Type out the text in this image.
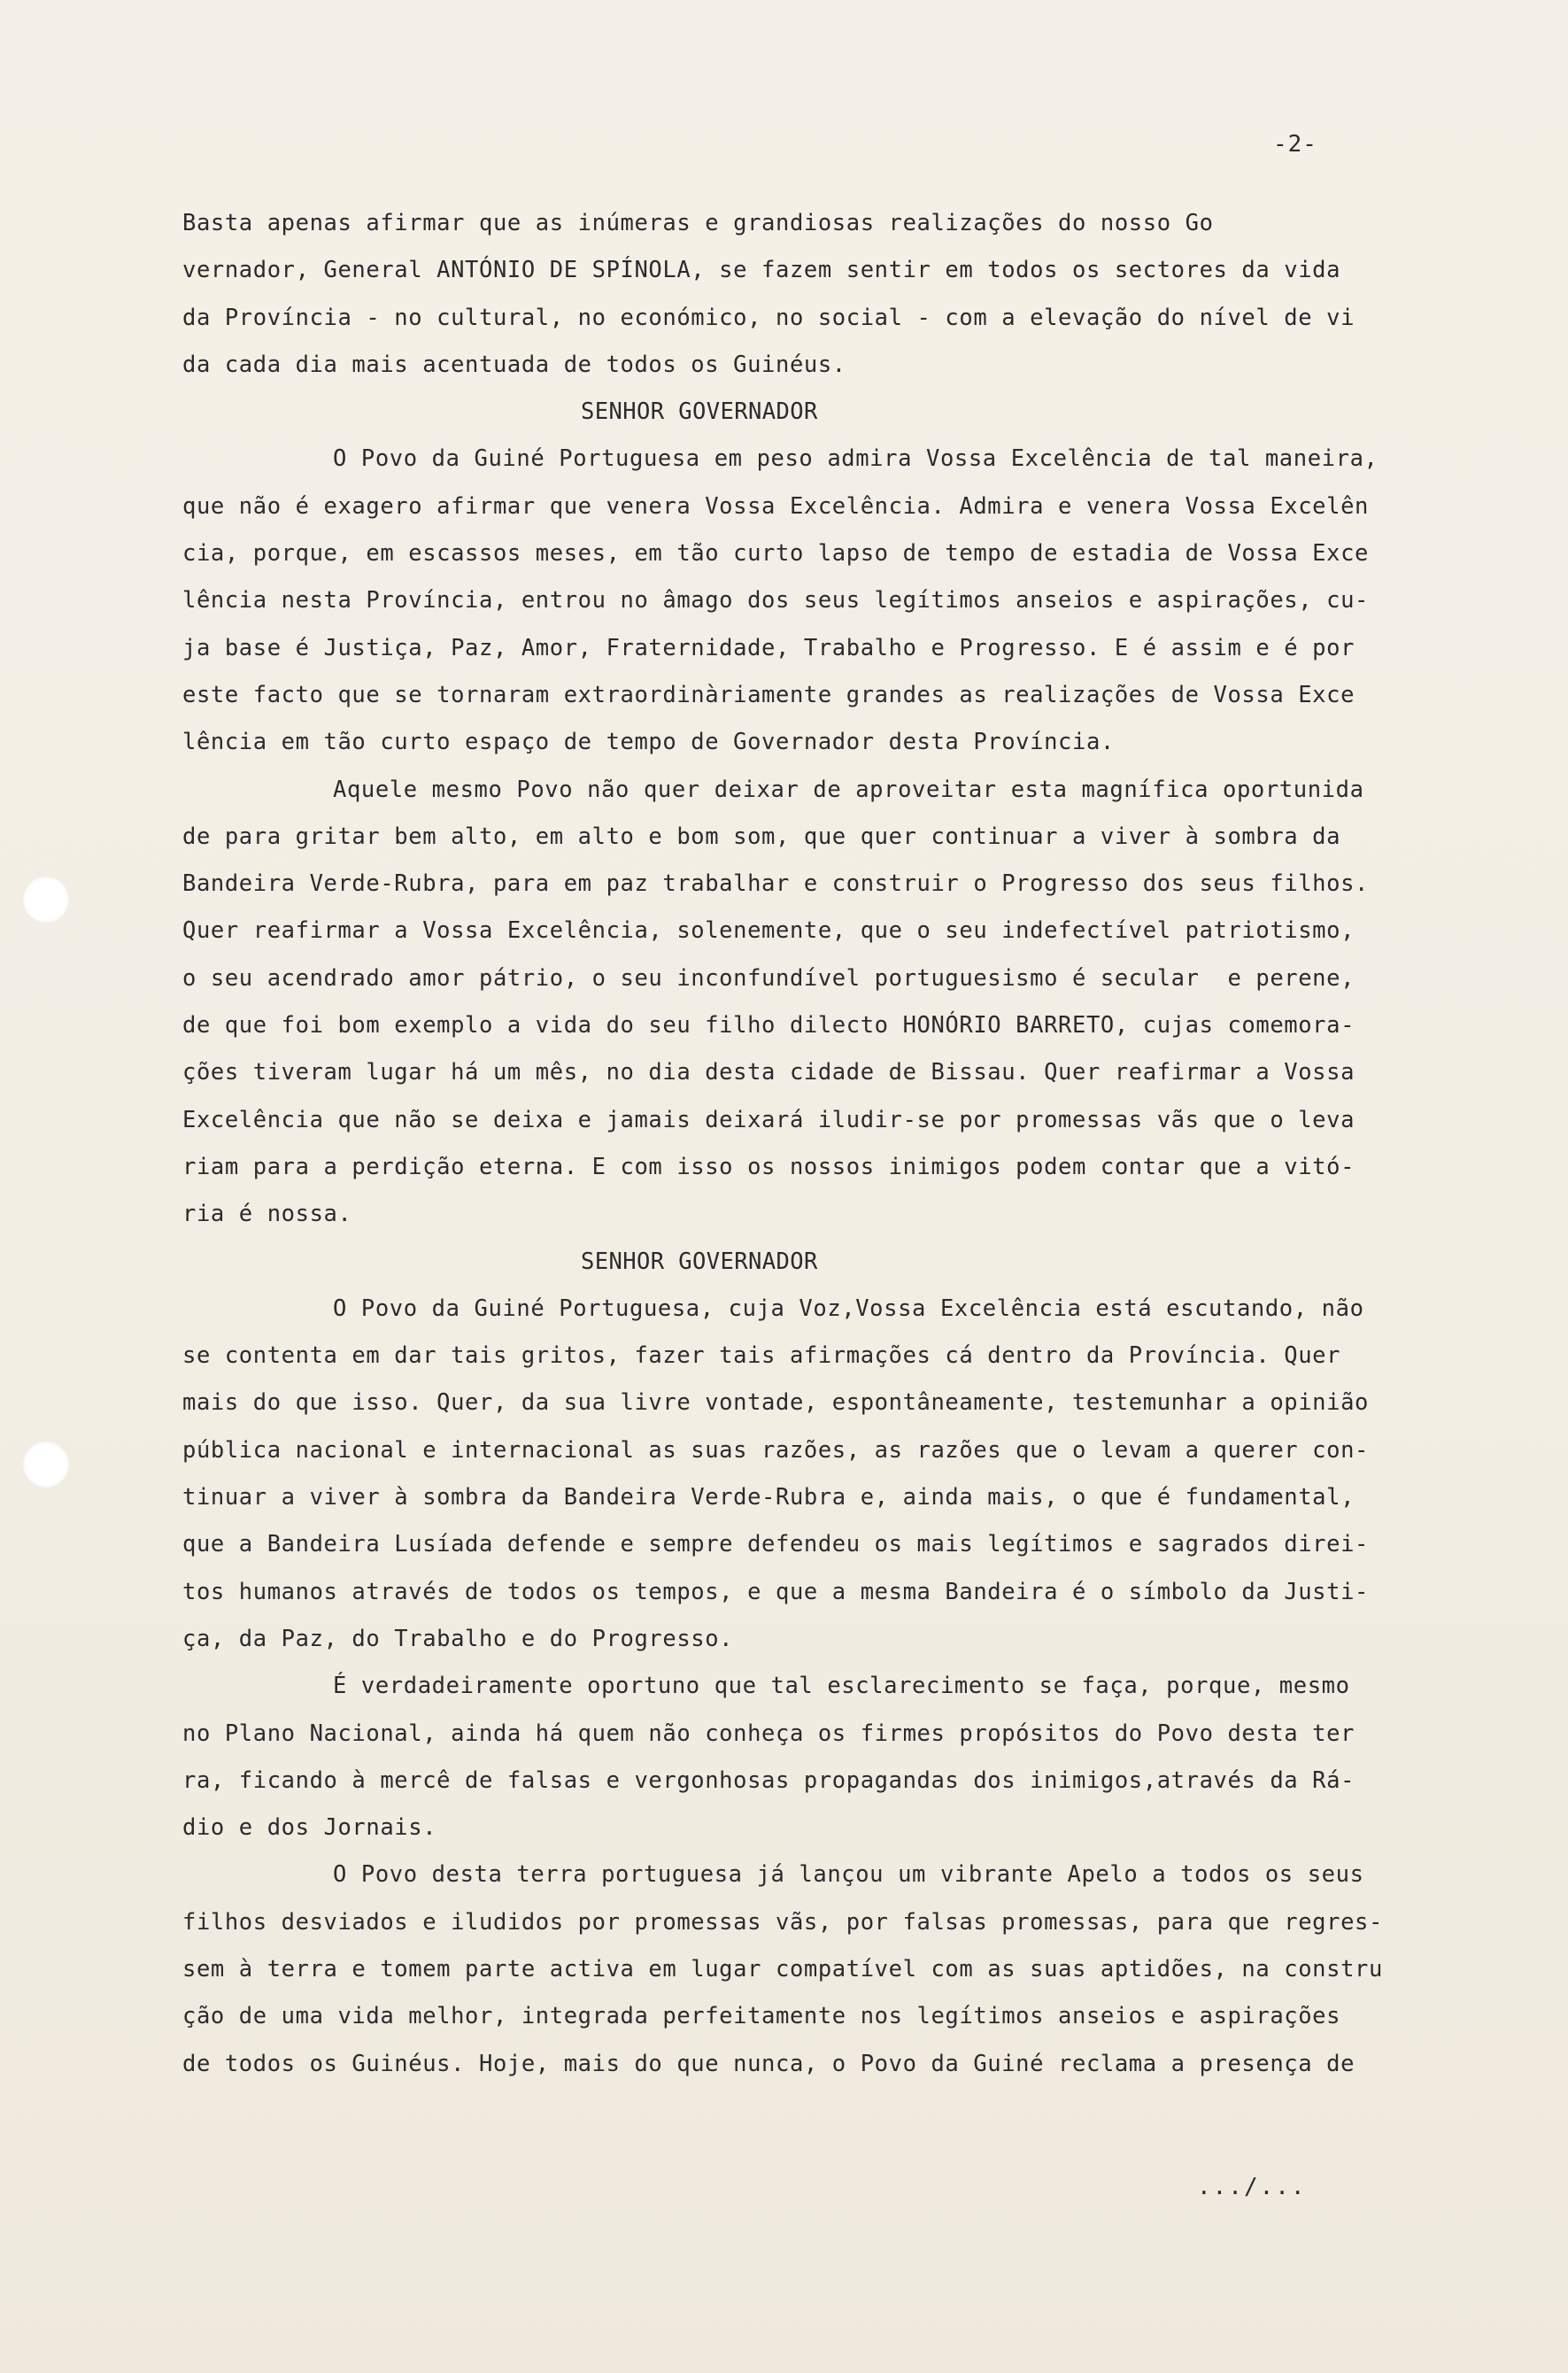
-2-
Basta apenas afirmar que as inúmeras e grandiosas realizações do nosso Go
vernador, General ANTÓNIO DE SPÍNOLA, se fazem sentir em todos os sectores da vida
da Província - no cultural, no económico, no social - com a elevação do nível de vi
da cada dia mais acentuada de todos os Guinéus.
SENHOR GOVERNADOR
O Povo da Guiné Portuguesa em peso admira Vossa Excelência de tal maneira,
que não é exagero afirmar que venera Vossa Excelência. Admira e venera Vossa Excelên
cia, porque, em escassos meses, em tão curto lapso de tempo de estadia de Vossa Exce
lência nesta Província, entrou no âmago dos seus legítimos anseios e aspirações, cu-
ja base é Justiça, Paz, Amor, Fraternidade, Trabalho e Progresso. E é assim e é por
este facto que se tornaram extraordinàriamente grandes as realizações de Vossa Exce
lência em tão curto espaço de tempo de Governador desta Província.
Aquele mesmo Povo não quer deixar de aproveitar esta magnífica oportunida
de para gritar bem alto, em alto e bom som, que quer continuar a viver à sombra da
Bandeira Verde-Rubra, para em paz trabalhar e construir o Progresso dos seus filhos.
Quer reafirmar a Vossa Excelência, solenemente, que o seu indefectível patriotismo,
o seu acendrado amor pátrio, o seu inconfundível portuguesismo é secular  e perene,
de que foi bom exemplo a vida do seu filho dilecto HONÓRIO BARRETO, cujas comemora-
ções tiveram lugar há um mês, no dia desta cidade de Bissau. Quer reafirmar a Vossa
Excelência que não se deixa e jamais deixará iludir-se por promessas vãs que o leva
riam para a perdição eterna. E com isso os nossos inimigos podem contar que a vitó-
ria é nossa.
SENHOR GOVERNADOR
O Povo da Guiné Portuguesa, cuja Voz,Vossa Excelência está escutando, não
se contenta em dar tais gritos, fazer tais afirmações cá dentro da Província. Quer
mais do que isso. Quer, da sua livre vontade, espontâneamente, testemunhar a opinião
pública nacional e internacional as suas razões, as razões que o levam a querer con-
tinuar a viver à sombra da Bandeira Verde-Rubra e, ainda mais, o que é fundamental,
que a Bandeira Lusíada defende e sempre defendeu os mais legítimos e sagrados direi-
tos humanos através de todos os tempos, e que a mesma Bandeira é o símbolo da Justi-
ça, da Paz, do Trabalho e do Progresso.
É verdadeiramente oportuno que tal esclarecimento se faça, porque, mesmo
no Plano Nacional, ainda há quem não conheça os firmes propósitos do Povo desta ter
ra, ficando à mercê de falsas e vergonhosas propagandas dos inimigos,através da Rá-
dio e dos Jornais.
O Povo desta terra portuguesa já lançou um vibrante Apelo a todos os seus
filhos desviados e iludidos por promessas vãs, por falsas promessas, para que regres-
sem à terra e tomem parte activa em lugar compatível com as suas aptidões, na constru
ção de uma vida melhor, integrada perfeitamente nos legítimos anseios e aspirações
de todos os Guinéus. Hoje, mais do que nunca, o Povo da Guiné reclama a presença de
.../...
